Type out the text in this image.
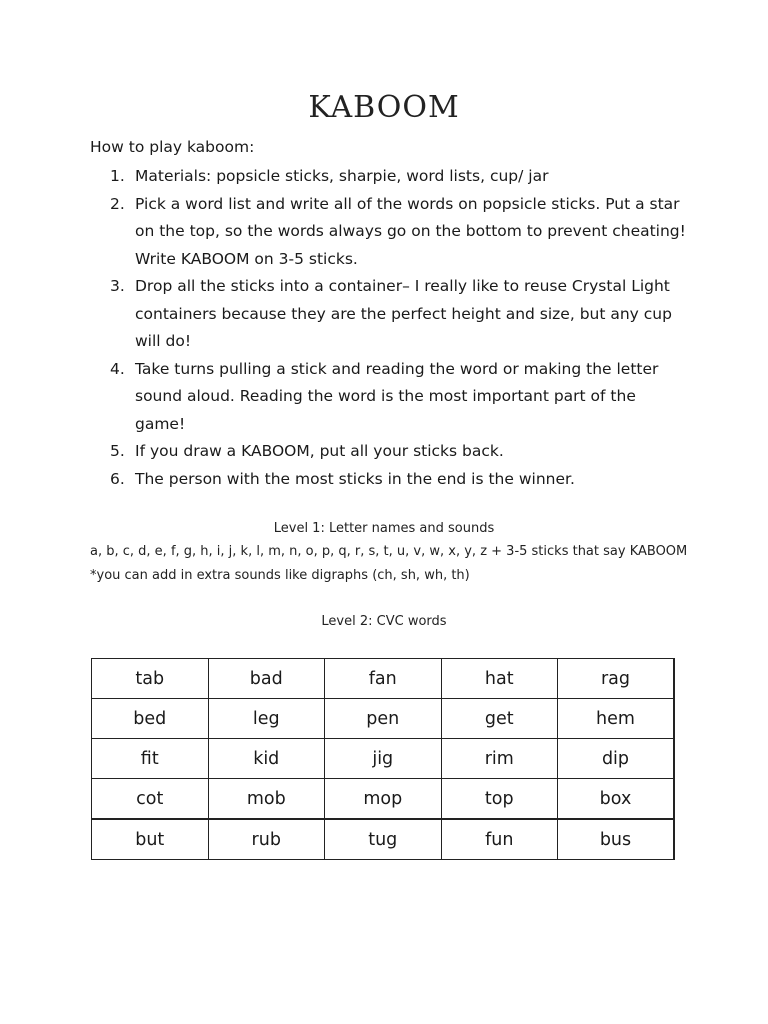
KABOOM
How to play kaboom:
1. Materials: popsicle sticks, sharpie, word lists, cup/ jar
2. Pick a word list and write all of the words on popsicle sticks. Put a star on the top, so the words always go on the bottom to prevent cheating! Write KABOOM on 3-5 sticks.
3. Drop all the sticks into a container– I really like to reuse Crystal Light containers because they are the perfect height and size, but any cup will do!
4. Take turns pulling a stick and reading the word or making the letter sound aloud. Reading the word is the most important part of the game!
5. If you draw a KABOOM, put all your sticks back.
6. The person with the most sticks in the end is the winner.
Level 1: Letter names and sounds
a, b, c, d, e, f, g, h, i, j, k, l, m, n, o, p, q, r, s, t, u, v, w, x, y, z + 3-5 sticks that say KABOOM
*you can add in extra sounds like digraphs (ch, sh, wh, th)
Level 2: CVC words
tab	bad	fan	hat	rag
bed	leg	pen	get	hem
fit	kid	jig	rim	dip
cot	mob	mop	top	box
but	rub	tug	fun	bus
